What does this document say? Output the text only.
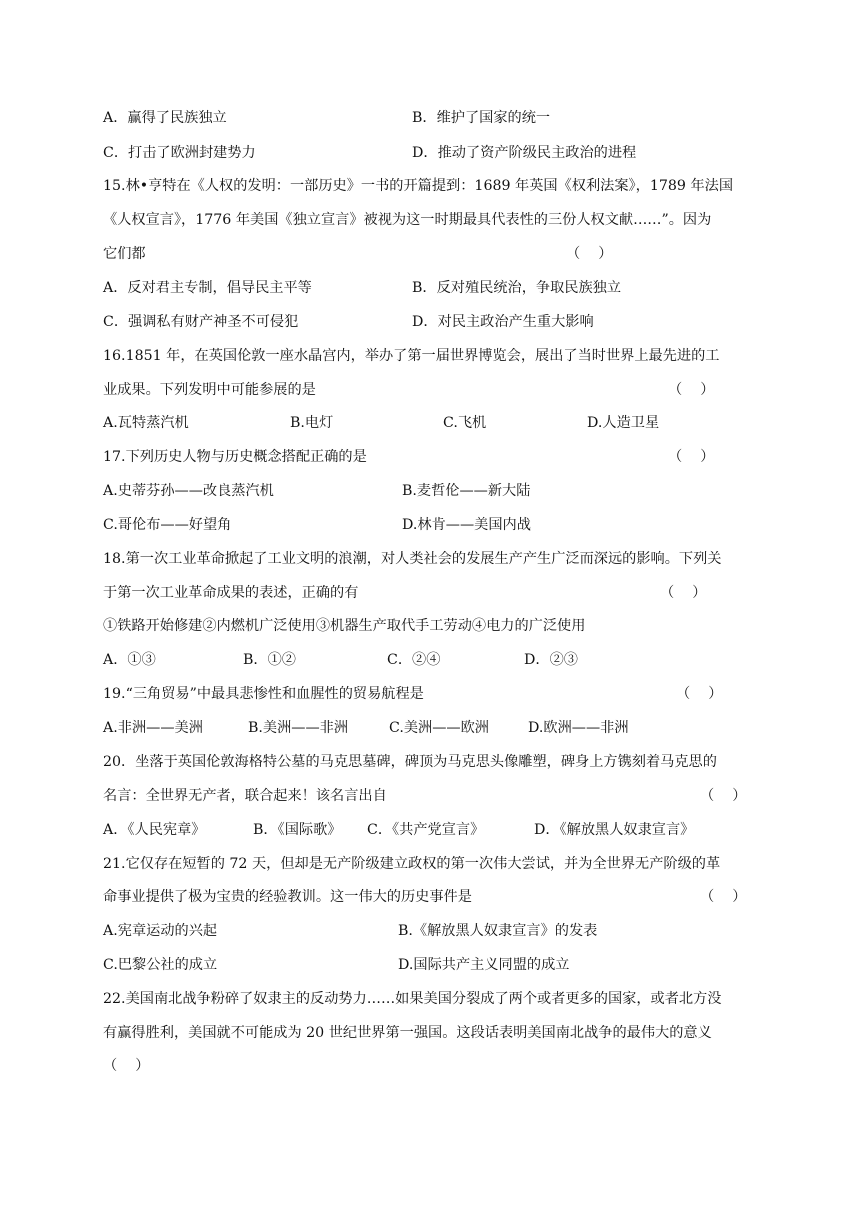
A．赢得了民族独立	B．维护了国家的统一
C．打击了欧洲封建势力	D．推动了资产阶级民主政治的进程
15.林•亨特在《人权的发明：一部历史》一书的开篇提到：1689 年英国《权利法案》，1789 年法国
《人权宣言》，1776 年美国《独立宣言》被视为这一时期最具代表性的三份人权文献……”。因为
它们都	（    ）
A．反对君主专制，倡导民主平等	B．反对殖民统治，争取民族独立
C．强调私有财产神圣不可侵犯	D．对民主政治产生重大影响
16.1851 年，在英国伦敦一座水晶宫内，举办了第一届世界博览会，展出了当时世界上最先进的工
业成果。下列发明中可能参展的是	（    ）
A.瓦特蒸汽机	B.电灯	C.飞机	D.人造卫星
17.下列历史人物与历史概念搭配正确的是	（    ）
A.史蒂芬孙——改良蒸汽机	B.麦哲伦——新大陆
C.哥伦布——好望角	D.林肯——美国内战
18.第一次工业革命掀起了工业文明的浪潮，对人类社会的发展生产产生广泛而深远的影响。下列关
于第一次工业革命成果的表述，正确的有	（    ）
①铁路开始修建②内燃机广泛使用③机器生产取代手工劳动④电力的广泛使用
A．①③	B．①②	C．②④	D．②③
19.“三角贸易”中最具悲惨性和血腥性的贸易航程是	（    ）
A.非洲——美洲	B.美洲——非洲	C.美洲——欧洲	D.欧洲——非洲
20．坐落于英国伦敦海格特公墓的马克思墓碑，碑顶为马克思头像雕塑，碑身上方镌刻着马克思的
名言：全世界无产者，联合起来！该名言出自	（    ）
A．《人民宪章》	B．《国际歌》 C．《共产党宣言》	D．《解放黑人奴隶宣言》
21.它仅存在短暂的 72 天，但却是无产阶级建立政权的第一次伟大尝试，并为全世界无产阶级的革
命事业提供了极为宝贵的经验教训。这一伟大的历史事件是	（    ）
A.宪章运动的兴起	B.《解放黑人奴隶宣言》的发表
C.巴黎公社的成立	D.国际共产主义同盟的成立
22.美国南北战争粉碎了奴隶主的反动势力……如果美国分裂成了两个或者更多的国家，或者北方没
有赢得胜利，美国就不可能成为 20 世纪世界第一强国。这段话表明美国南北战争的最伟大的意义
（    ）
